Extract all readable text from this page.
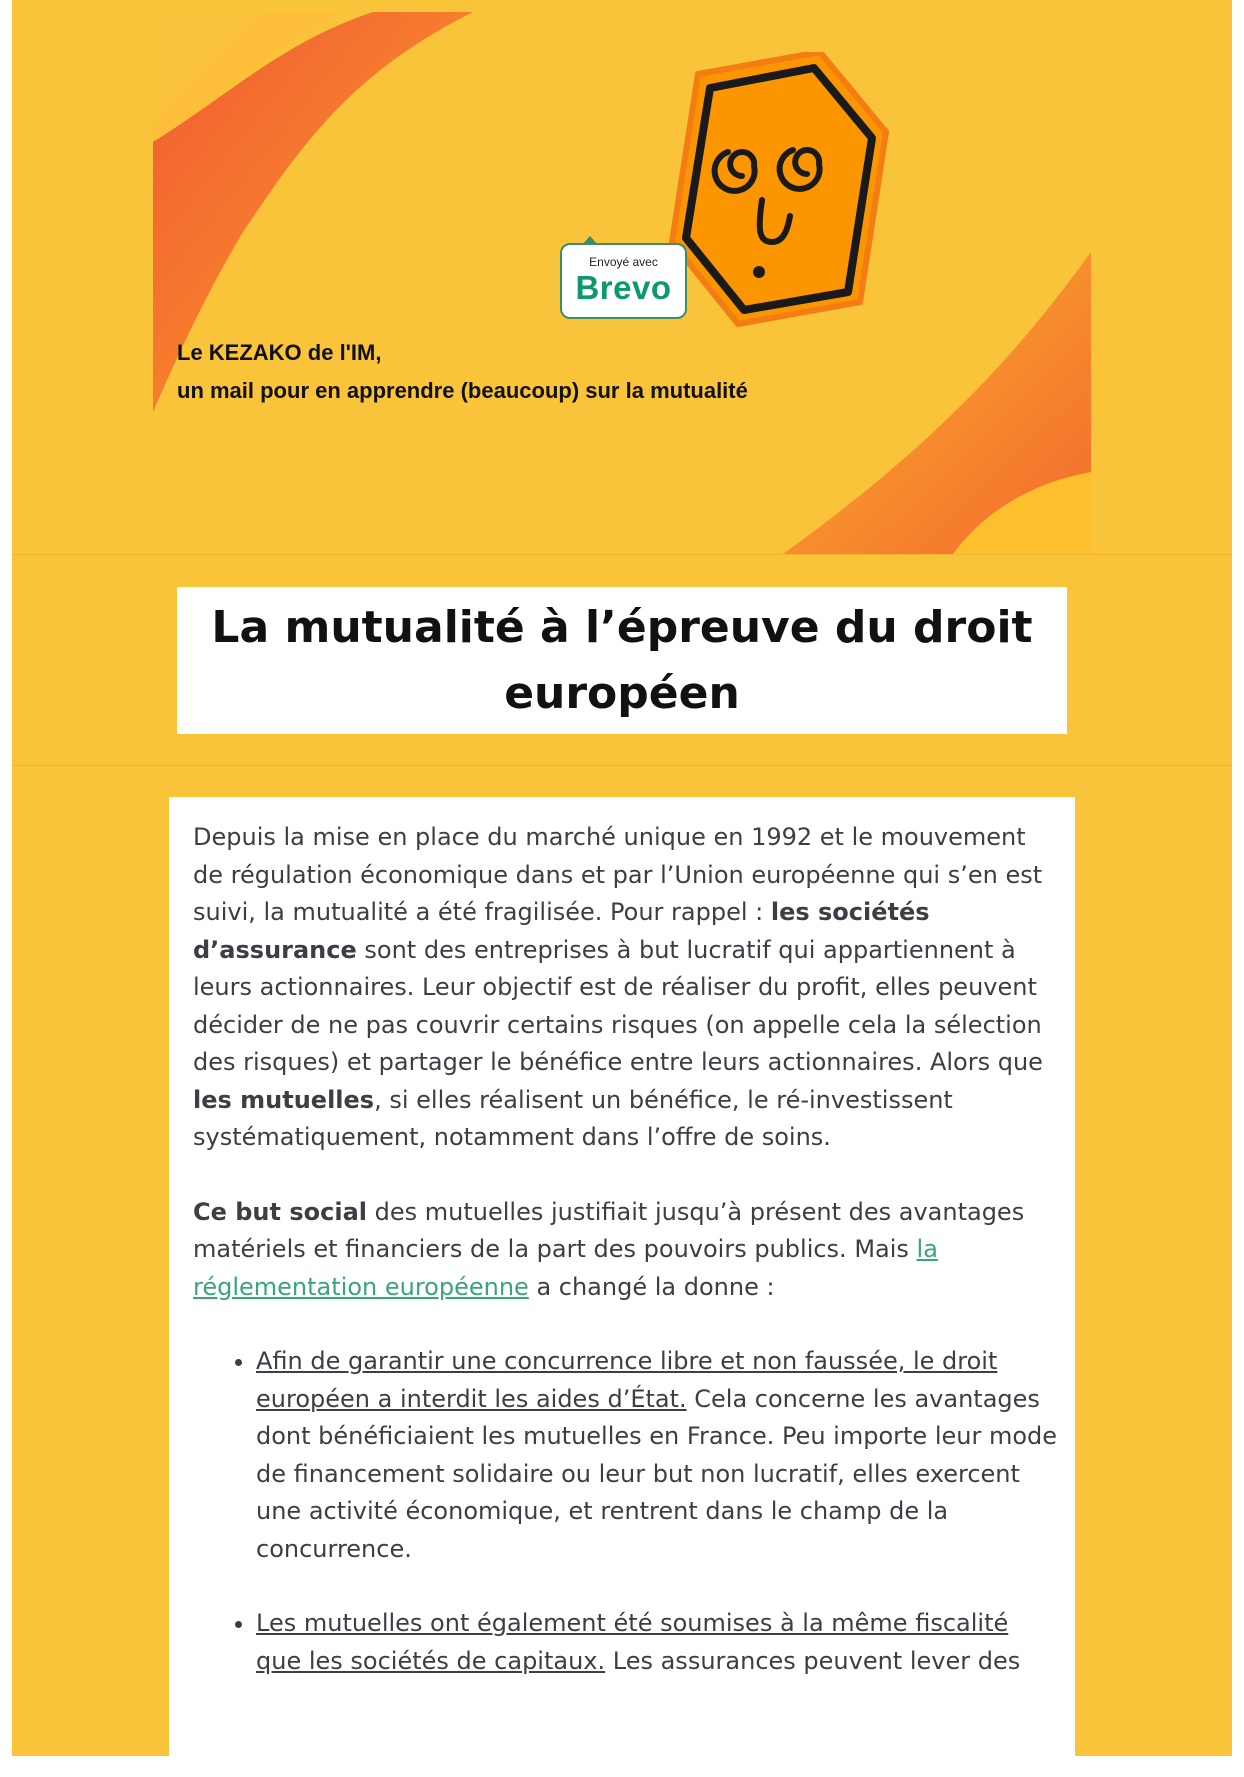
Envoyé avec
Brevo
Le KEZAKO de l'IM,
un mail pour en apprendre (beaucoup) sur la mutualité
La mutualité à l’épreuve du droit européen

Depuis la mise en place du marché unique en 1992 et le mouvement de régulation économique dans et par l’Union européenne qui s’en est suivi, la mutualité a été fragilisée. Pour rappel : les sociétés d’assurance sont des entreprises à but lucratif qui appartiennent à leurs actionnaires. Leur objectif est de réaliser du profit, elles peuvent décider de ne pas couvrir certains risques (on appelle cela la sélection des risques) et partager le bénéfice entre leurs actionnaires. Alors que les mutuelles, si elles réalisent un bénéfice, le ré-investissent systématiquement, notamment dans l’offre de soins.

Ce but social des mutuelles justifiait jusqu’à présent des avantages matériels et financiers de la part des pouvoirs publics. Mais la réglementation européenne a changé la donne :

• Afin de garantir une concurrence libre et non faussée, le droit européen a interdit les aides d’État. Cela concerne les avantages dont bénéficiaient les mutuelles en France. Peu importe leur mode de financement solidaire ou leur but non lucratif, elles exercent une activité économique, et rentrent dans le champ de la concurrence.
• Les mutuelles ont également été soumises à la même fiscalité que les sociétés de capitaux. Les assurances peuvent lever des
